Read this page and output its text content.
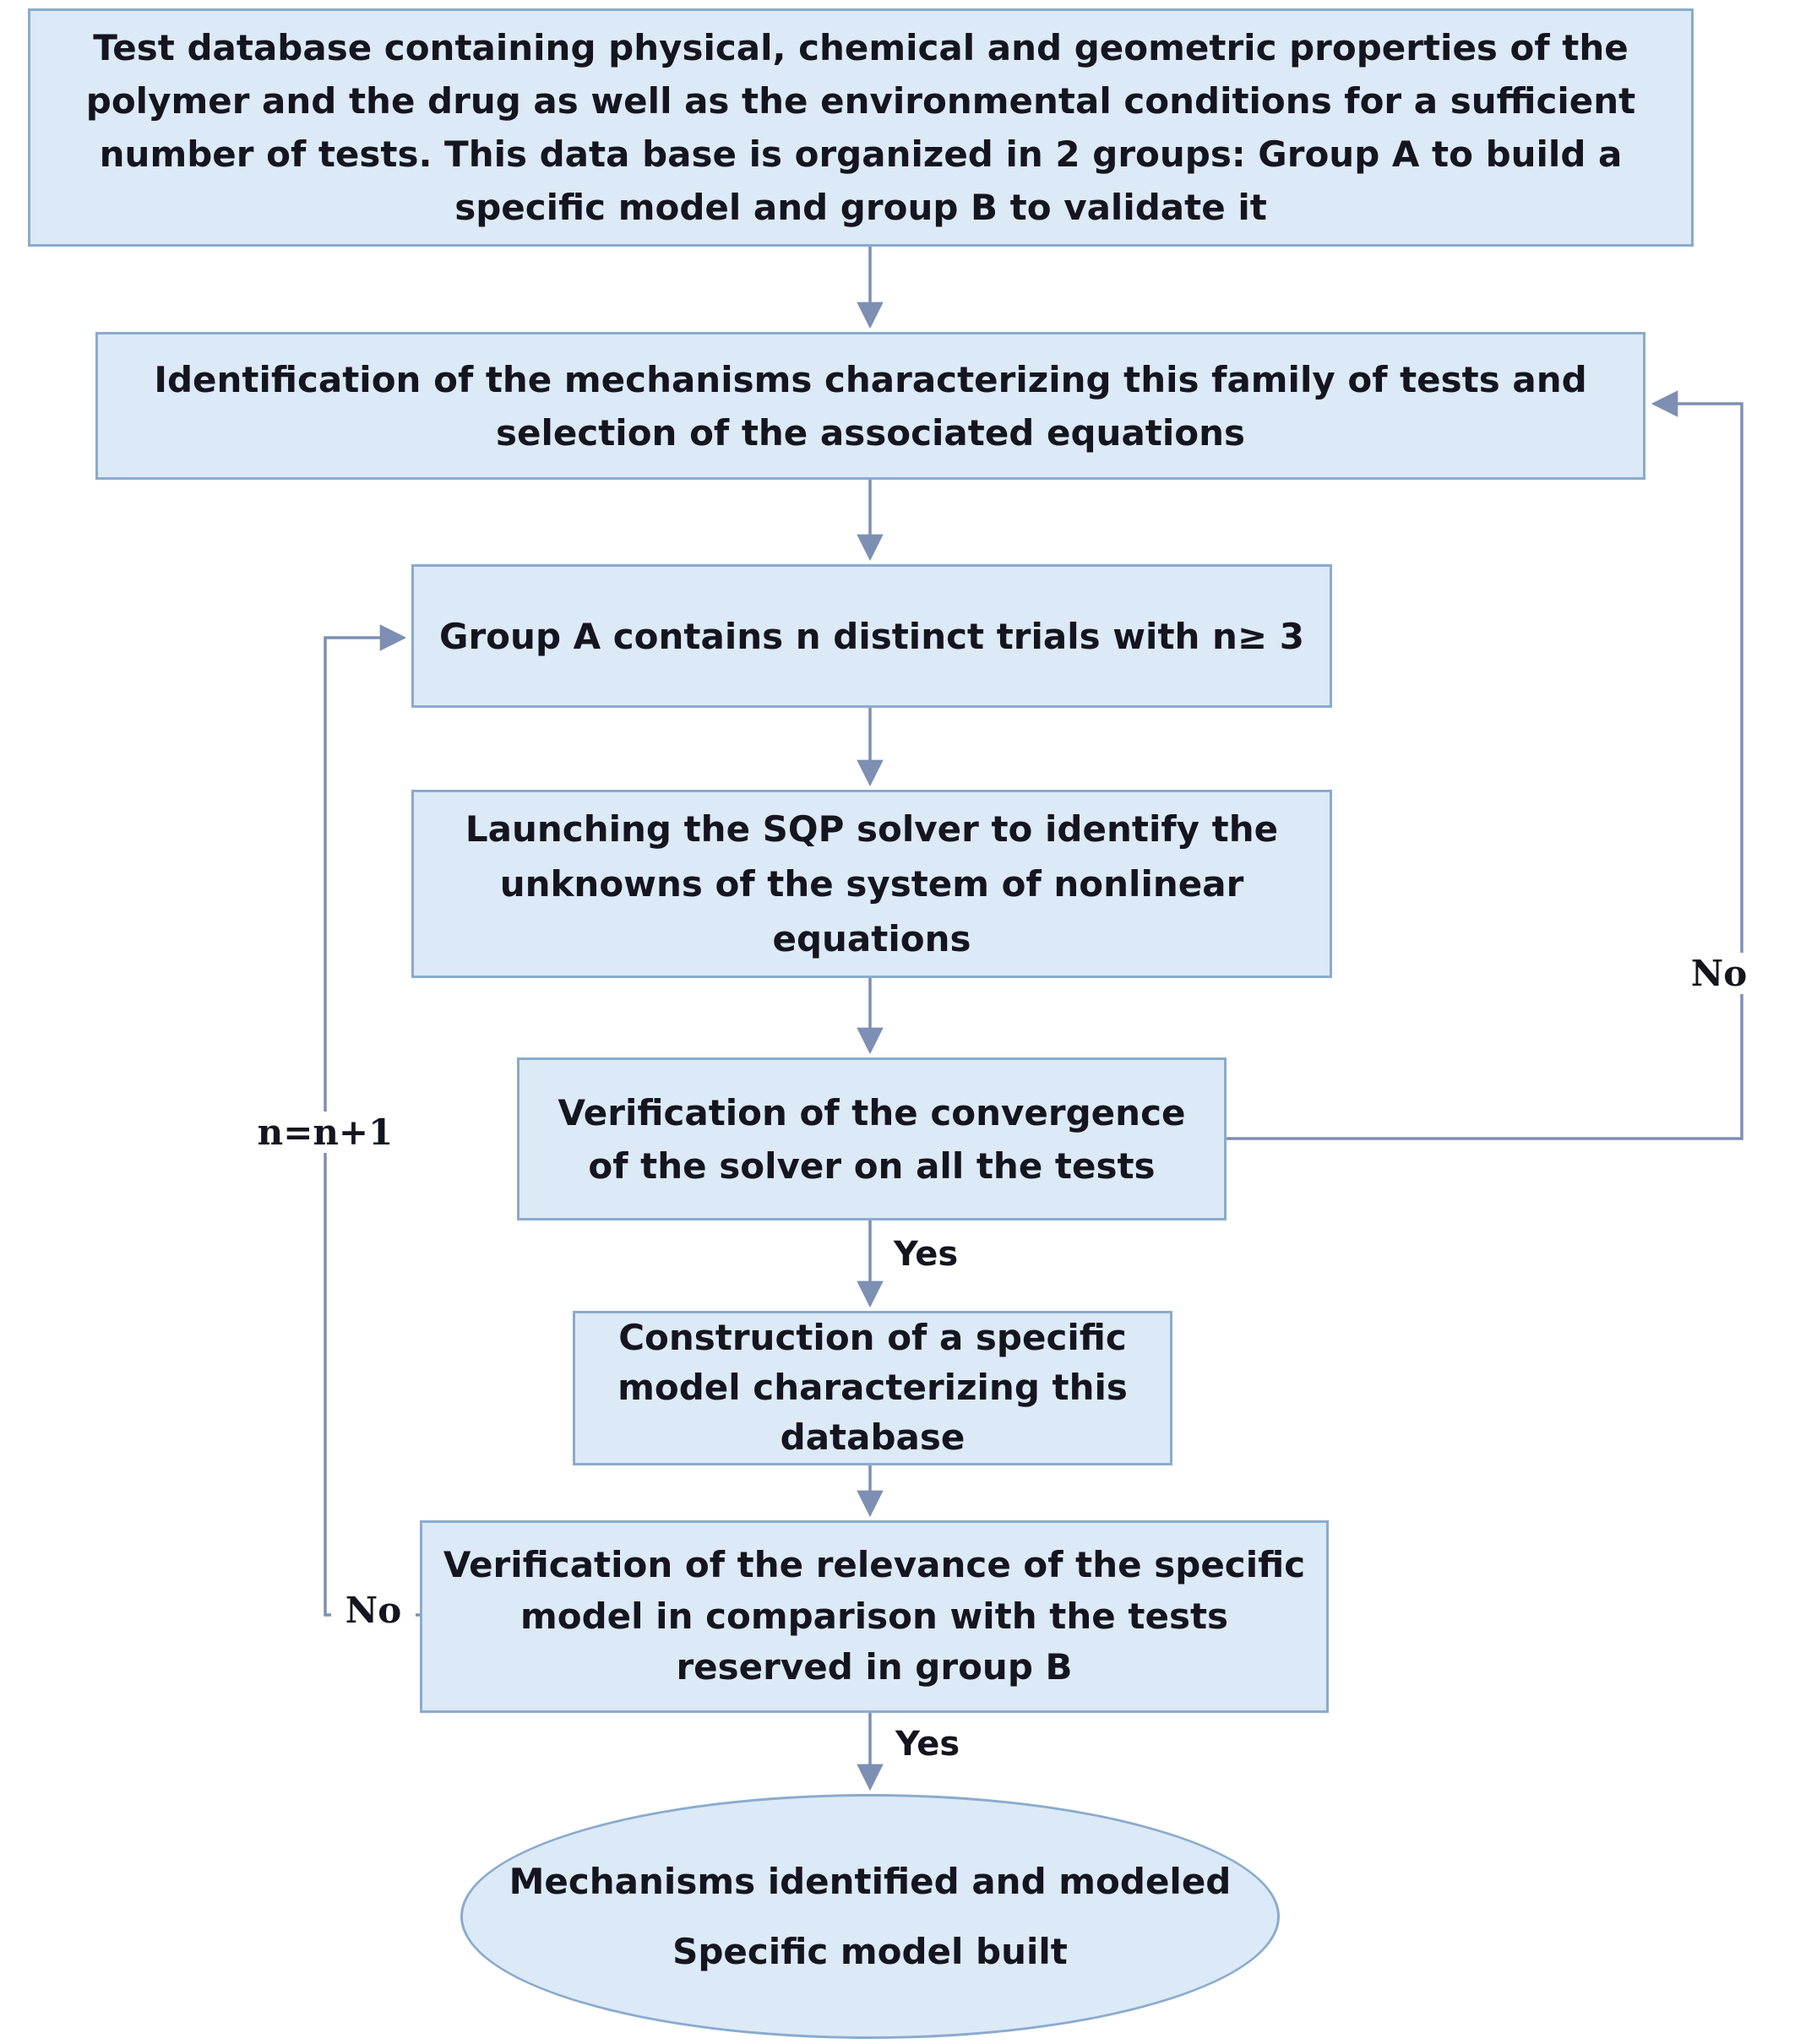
Test database containing physical, chemical and geometric properties of the polymer and the drug as well as the environmental conditions for a sufficient number of tests. This data base is organized in 2 groups: Group A to build a specific model and group B to validate it
Identification of the mechanisms characterizing this family of tests and selection of the associated equations
Group A contains n distinct trials with n≥ 3
Launching the SQP solver to identify the unknowns of the system of nonlinear equations
Verification of the convergence of the solver on all the tests
Construction of a specific model characterizing this database
Verification of the relevance of the specific model in comparison with the tests reserved in group B
Mechanisms identified and modeled
Specific model built
Yes
Yes
No
No
n=n+1
